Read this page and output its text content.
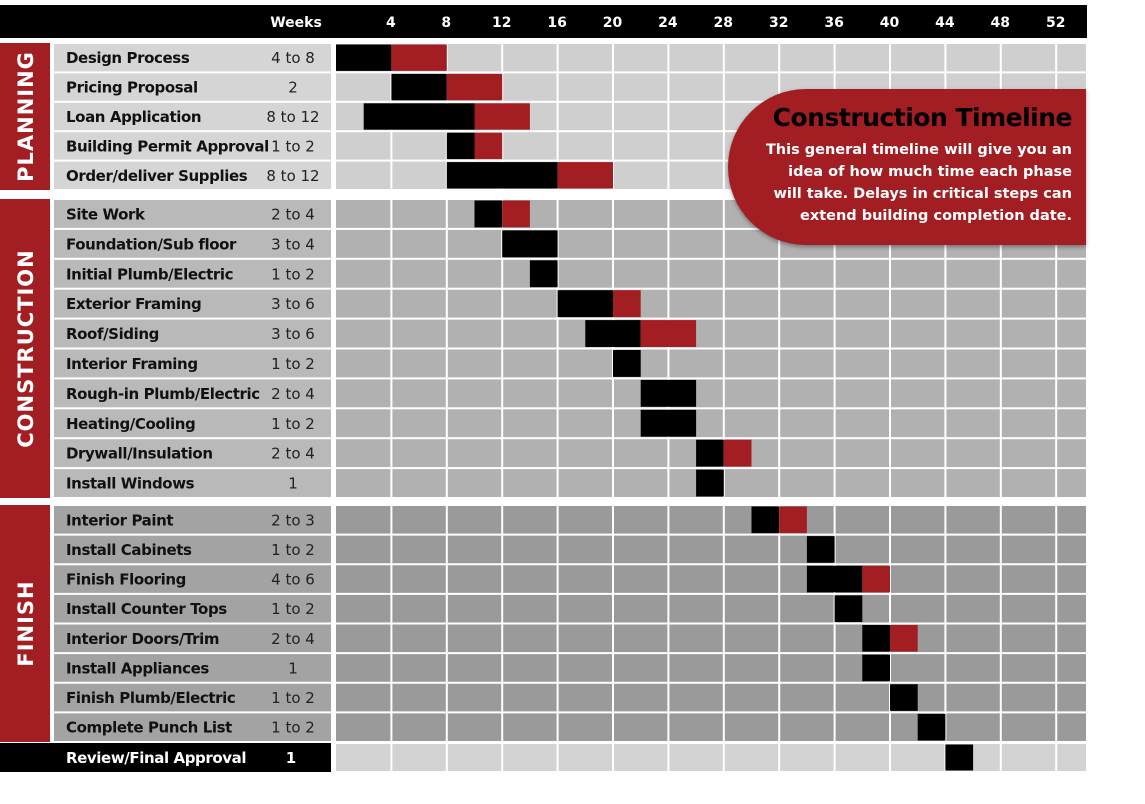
Weeks	4	8	12	16	20	24	28	32	36	40	44	48	52
PLANNING Design Process	4 to 8
Pricing Proposal	2
Loan Application	8 to 12
Building Permit Approval 1 to 2
Order/deliver Supplies 8 to 12
CONSTRUCTION
Site Work	2 to 4
Foundation/Sub floor 3 to 4
Initial Plumb/Electric	1 to 2
Exterior Framing	3 to 6
Roof/Siding	3 to 6
Interior Framing	1 to 2
Rough-in Plumb/Electric 2 to 4
Heating/Cooling	1 to 2
Drywall/Insulation	2 to 4
Install Windows	1
FINISH
Interior Paint	2 to 3
Install Cabinets	1 to 2
Finish Flooring	4 to 6
Install Counter Tops	1 to 2
Interior Doors/Trim	2 to 4
Install Appliances	1
Finish Plumb/Electric 1 to 2
Complete Punch List	1 to 2
Review/Final Approval	1
Construction Timeline
This general timeline will give you an idea of how much time each phase will take. Delays in critical steps can extend building completion date.
